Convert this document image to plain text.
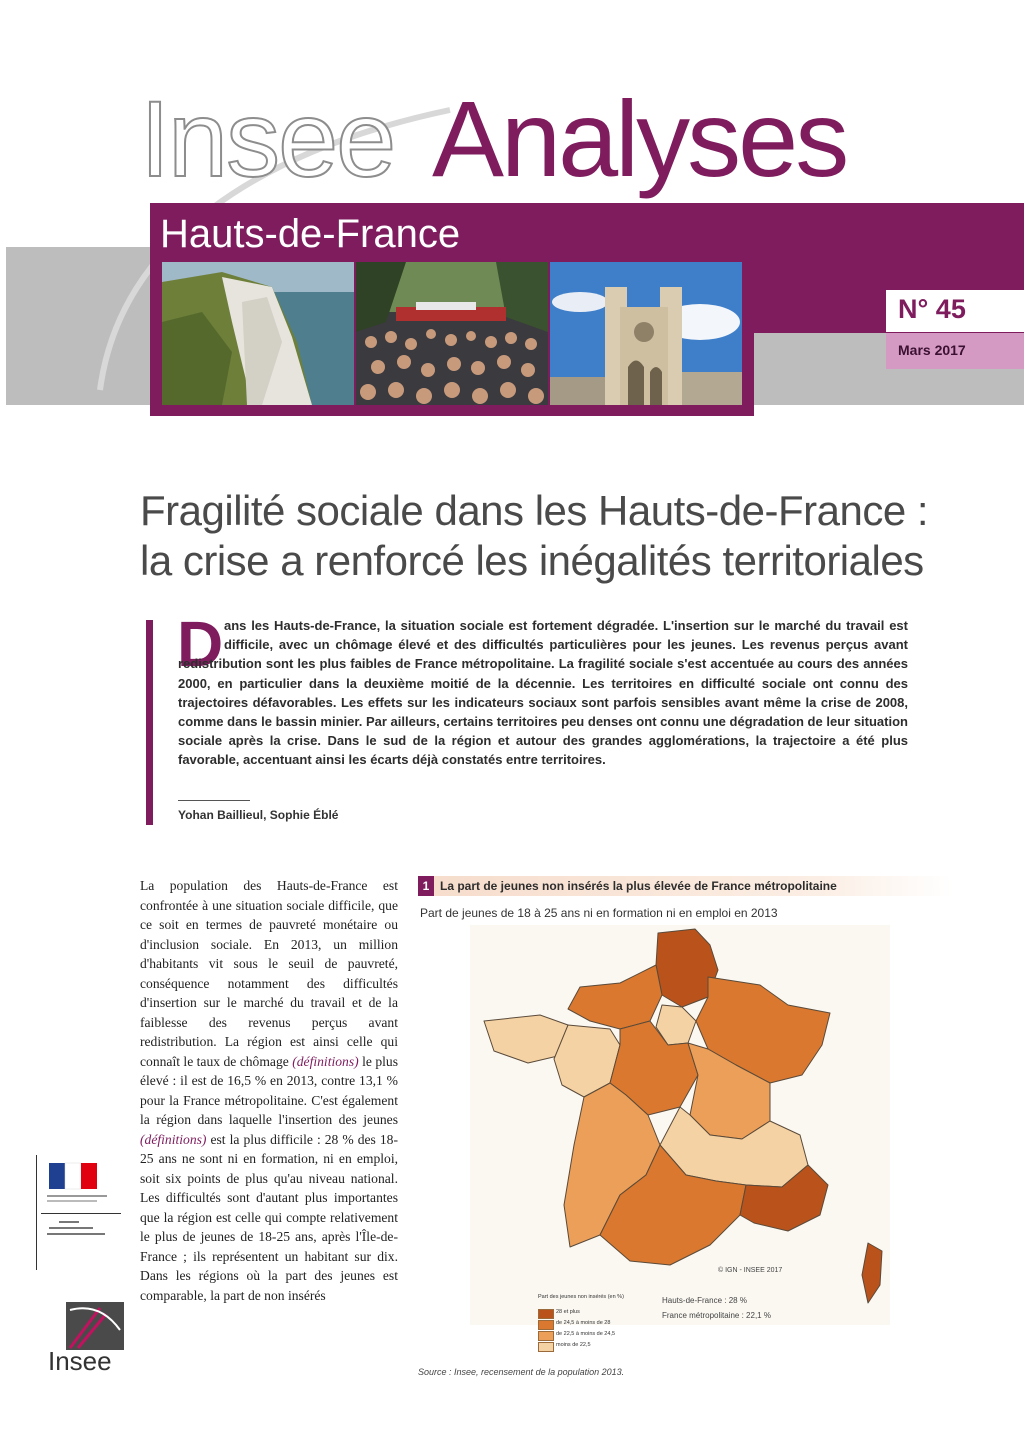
Insee Analyses
Hauts-de-France
N° 45
Mars 2017
Fragilité sociale dans les Hauts-de-France :
la crise a renforcé les inégalités territoriales
D ans les Hauts-de-France, la situation sociale est fortement dégradée. L'insertion sur le marché du travail est difficile, avec un chômage élevé et des difficultés particulières pour les jeunes. Les revenus perçus avant redistribution sont les plus faibles de France métropolitaine. La fragilité sociale s'est accentuée au cours des années 2000, en particulier dans la deuxième moitié de la décennie. Les territoires en difficulté sociale ont connu des trajectoires défavorables. Les effets sur les indicateurs sociaux sont parfois sensibles avant même la crise de 2008, comme dans le bassin minier. Par ailleurs, certains territoires peu denses ont connu une dégradation de leur situation sociale après la crise. Dans le sud de la région et autour des grandes agglomérations, la trajectoire a été plus favorable, accentuant ainsi les écarts déjà constatés entre territoires.
Yohan Baillieul, Sophie Éblé
La population des Hauts-de-France est confrontée à une situation sociale difficile, que ce soit en termes de pauvreté monétaire ou d'inclusion sociale. En 2013, un million d'habitants vit sous le seuil de pauvreté, conséquence notamment des difficultés d'insertion sur le marché du travail et de la faiblesse des revenus perçus avant redistribution. La région est ainsi celle qui connaît le taux de chômage (définitions) le plus élevé : il est de 16,5 % en 2013, contre 13,1 % pour la France métropolitaine. C'est également la région dans laquelle l'insertion des jeunes (définitions) est la plus difficile : 28 % des 18-25 ans ne sont ni en formation, ni en emploi, soit six points de plus qu'au niveau national. Les difficultés sont d'autant plus importantes que la région est celle qui compte relativement le plus de jeunes de 18-25 ans, après l'Île-de-France ; ils représentent un habitant sur dix. Dans les régions où la part des jeunes est comparable, la part de non insérés
Insee
1 La part de jeunes non insérés la plus élevée de France métropolitaine
Part de jeunes de 18 à 25 ans ni en formation ni en emploi en 2013
© IGN - INSEE 2017
Part des jeunes non insérés (en %)
28 et plus
de 24,5 à moins de 28
de 22,5 à moins de 24,5
moins de 22,5
Hauts-de-France : 28 %
France métropolitaine : 22,1 %
Source : Insee, recensement de la population 2013.
